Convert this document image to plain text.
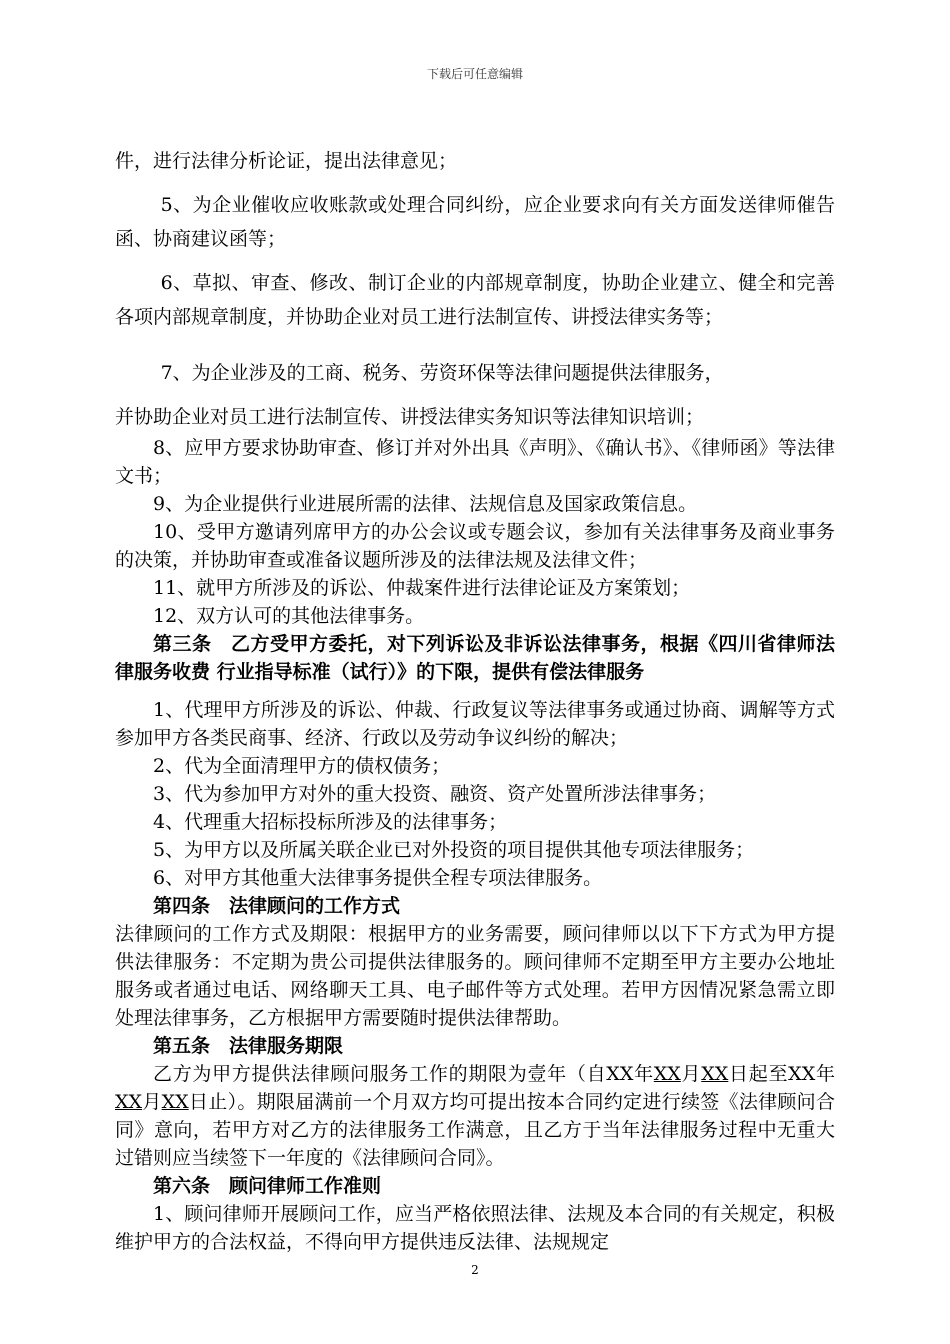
下载后可任意编辑

件，进行法律分析论证，提出法律意见；

5、为企业催收应收账款或处理合同纠纷，应企业要求向有关方面发送律师催告函、协商建议函等；

6、草拟、审查、修改、制订企业的内部规章制度，协助企业建立、健全和完善各项内部规章制度，并协助企业对员工进行法制宣传、讲授法律实务等；

7、为企业涉及的工商、税务、劳资环保等法律问题提供法律服务，

并协助企业对员工进行法制宣传、讲授法律实务知识等法律知识培训；

8、应甲方要求协助审查、修订并对外出具《声明》、《确认书》、《律师函》等法律文书；

9、为企业提供行业进展所需的法律、法规信息及国家政策信息。

10、受甲方邀请列席甲方的办公会议或专题会议，参加有关法律事务及商业事务的决策，并协助审查或准备议题所涉及的法律法规及法律文件；

11、就甲方所涉及的诉讼、仲裁案件进行法律论证及方案策划；

12、双方认可的其他法律事务。

第三条　乙方受甲方委托，对下列诉讼及非诉讼法律事务，根据《四川省律师法律服务收费 行业指导标准（试行）》的下限，提供有偿法律服务

1、代理甲方所涉及的诉讼、仲裁、行政复议等法律事务或通过协商、调解等方式参加甲方各类民商事、经济、行政以及劳动争议纠纷的解决；

2、代为全面清理甲方的债权债务；

3、代为参加甲方对外的重大投资、融资、资产处置所涉法律事务；

4、代理重大招标投标所涉及的法律事务；

5、为甲方以及所属关联企业已对外投资的项目提供其他专项法律服务；

6、对甲方其他重大法律事务提供全程专项法律服务。

第四条　法律顾问的工作方式

法律顾问的工作方式及期限：根据甲方的业务需要，顾问律师以以下下方式为甲方提供法律服务：不定期为贵公司提供法律服务的。顾问律师不定期至甲方主要办公地址服务或者通过电话、网络聊天工具、电子邮件等方式处理。若甲方因情况紧急需立即处理法律事务，乙方根据甲方需要随时提供法律帮助。

第五条　法律服务期限

乙方为甲方提供法律顾问服务工作的期限为壹年（自XX年XX月XX日起至XX年XX月XX日止）。期限届满前一个月双方均可提出按本合同约定进行续签《法律顾问合同》意向，若甲方对乙方的法律服务工作满意，且乙方于当年法律服务过程中无重大过错则应当续签下一年度的《法律顾问合同》。

第六条　顾问律师工作准则

1、顾问律师开展顾问工作，应当严格依照法律、法规及本合同的有关规定，积极维护甲方的合法权益，不得向甲方提供违反法律、法规规定

2
